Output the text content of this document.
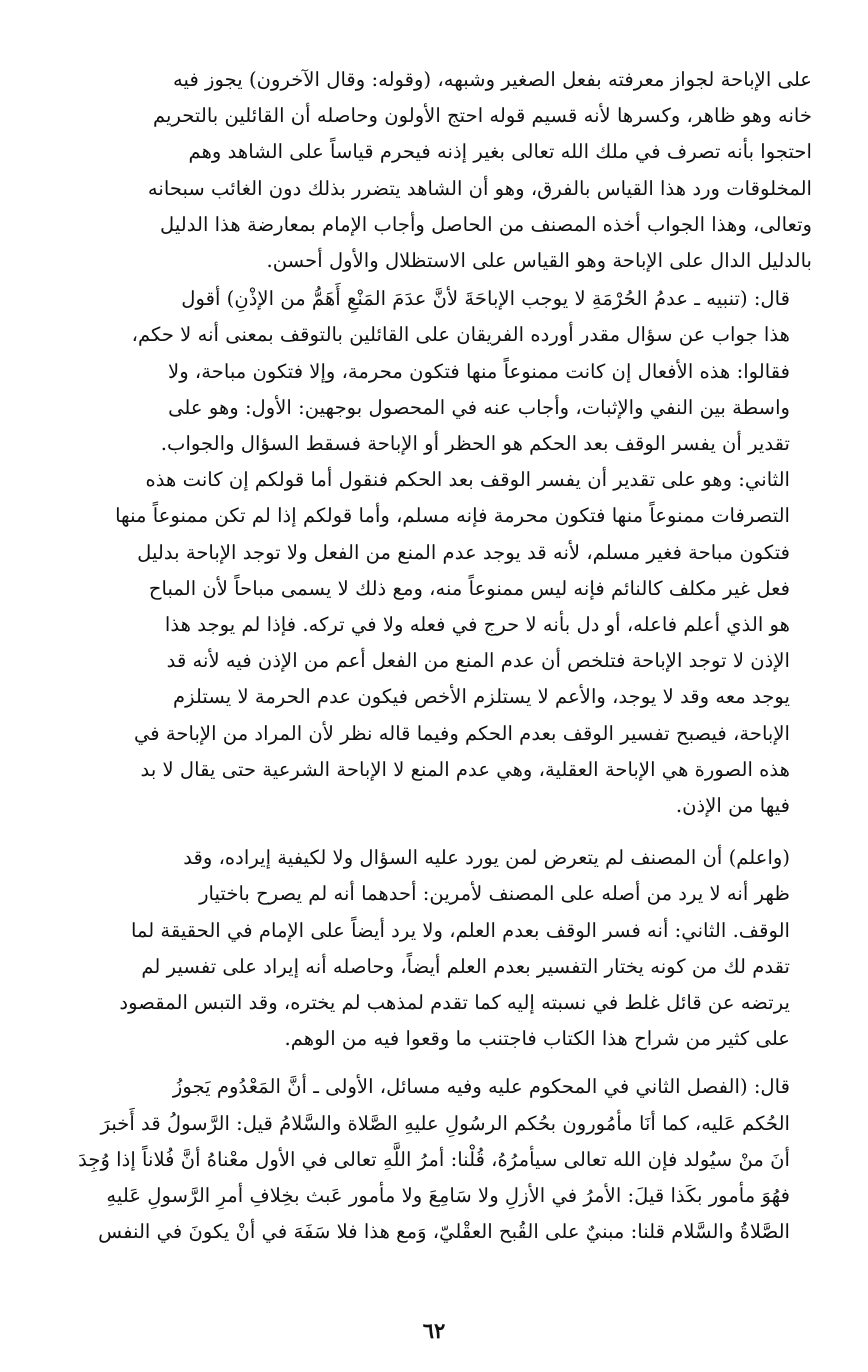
على الإباحة لجواز معرفته بفعل الصغير وشبهه، (وقوله: وقال الآخرون) يجوز فيه
خانه وهو ظاهر، وكسرها لأنه قسيم قوله احتج الأولون وحاصله أن القائلين بالتحريم
احتجوا بأنه تصرف في ملك الله تعالى بغير إذنه فيحرم قياساً على الشاهد وهم
المخلوقات ورد هذا القياس بالفرق، وهو أن الشاهد يتضرر بذلك دون الغائب سبحانه
وتعالى، وهذا الجواب أخذه المصنف من الحاصل وأجاب الإمام بمعارضة هذا الدليل
بالدليل الدال على الإباحة وهو القياس على الاستظلال والأول أحسن.

قال: (تنبيه ـ عدمُ الحُرْمَةِ لا يوجب الإباحَةَ لأنَّ عدَمَ المَنْعِ أَهَمُّ من الإذْنِ) أقول
هذا جواب عن سؤال مقدر أورده الفريقان على القائلين بالتوقف بمعنى أنه لا حكم،
فقالوا: هذه الأفعال إن كانت ممنوعاً منها فتكون محرمة، وإلا فتكون مباحة، ولا
واسطة بين النفي والإثبات، وأجاب عنه في المحصول بوجهين: الأول: وهو على
تقدير أن يفسر الوقف بعد الحكم هو الحظر أو الإباحة فسقط السؤال والجواب.
الثاني: وهو على تقدير أن يفسر الوقف بعد الحكم فنقول أما قولكم إن كانت هذه
التصرفات ممنوعاً منها فتكون محرمة فإنه مسلم، وأما قولكم إذا لم تكن ممنوعاً منها
فتكون مباحة فغير مسلم، لأنه قد يوجد عدم المنع من الفعل ولا توجد الإباحة بدليل
فعل غير مكلف كالنائم فإنه ليس ممنوعاً منه، ومع ذلك لا يسمى مباحاً لأن المباح
هو الذي أعلم فاعله، أو دل بأنه لا حرج في فعله ولا في تركه. فإذا لم يوجد هذا
الإذن لا توجد الإباحة فتلخص أن عدم المنع من الفعل أعم من الإذن فيه لأنه قد
يوجد معه وقد لا يوجد، والأعم لا يستلزم الأخص فيكون عدم الحرمة لا يستلزم
الإباحة، فيصبح تفسير الوقف بعدم الحكم وفيما قاله نظر لأن المراد من الإباحة في
هذه الصورة هي الإباحة العقلية، وهي عدم المنع لا الإباحة الشرعية حتى يقال لا بد
فيها من الإذن.

(واعلم) أن المصنف لم يتعرض لمن يورد عليه السؤال ولا لكيفية إيراده، وقد
ظهر أنه لا يرد من أصله على المصنف لأمرين: أحدهما أنه لم يصرح باختيار
الوقف. الثاني: أنه فسر الوقف بعدم العلم، ولا يرد أيضاً على الإمام في الحقيقة لما
تقدم لك من كونه يختار التفسير بعدم العلم أيضاً، وحاصله أنه إيراد على تفسير لم
يرتضه عن قائل غلط في نسبته إليه كما تقدم لمذهب لم يختره، وقد التبس المقصود
على كثير من شراح هذا الكتاب فاجتنب ما وقعوا فيه من الوهم.

قال: (الفصل الثاني في المحكوم عليه وفيه مسائل، الأولى ـ أنَّ المَعْدُوم يَجوزُ
الحُكم عَليه، كما أنَا مأمُورون بحُكم الرسُولِ عليهِ الصَّلاة والسَّلامُ قيل: الرَّسولُ قد أَخبرَ
أنَ منْ سيُولد فإن الله تعالى سيأمرُهُ، قُلْنا: أمرُ اللَّهِ تعالى في الأول معْناهُ أنَّ فُلاناً إذا وُجِدَ
فهُوَ مأمور بكَذا قيلَ: الأمرُ في الأزلِ ولا سَامِعَ ولا مأمور عَبث بخِلافِ أمرِ الرَّسولِ عَليهِ
الصَّلاةُ والسَّلام قلنا: مبنيٌ على القُبح العقْليّ، وَمع هذا فلا سَفَهَ في أنْ يكونَ في النفس

٦٢
